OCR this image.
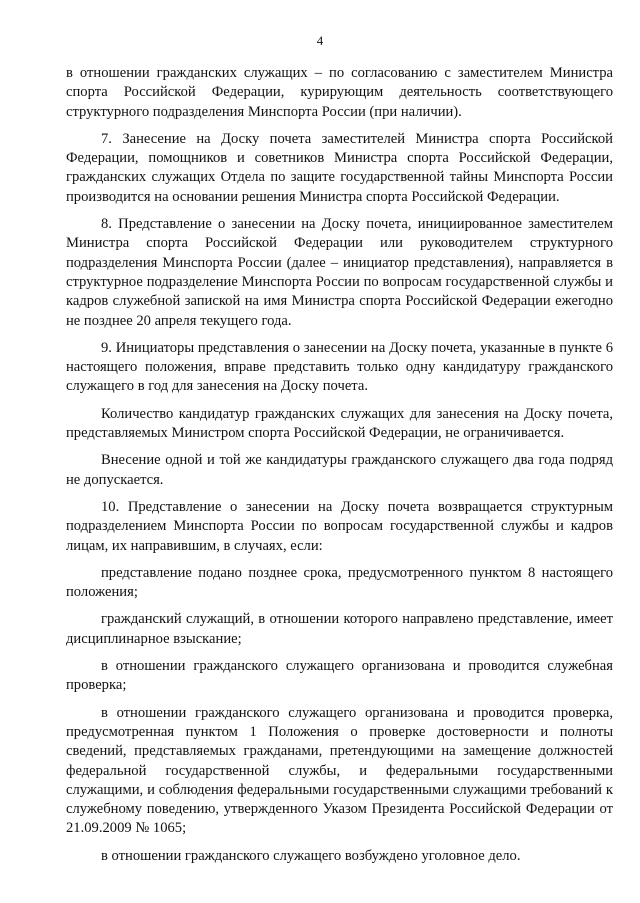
4

в отношении гражданских служащих – по согласованию с заместителем Министра спорта Российской Федерации, курирующим деятельность соответствующего структурного подразделения Минспорта России (при наличии).

7. Занесение на Доску почета заместителей Министра спорта Российской Федерации, помощников и советников Министра спорта Российской Федерации, гражданских служащих Отдела по защите государственной тайны Минспорта России производится на основании решения Министра спорта Российской Федерации.

8. Представление о занесении на Доску почета, инициированное заместителем Министра спорта Российской Федерации или руководителем структурного подразделения Минспорта России (далее – инициатор представления), направляется в структурное подразделение Минспорта России по вопросам государственной службы и кадров служебной запиской на имя Министра спорта Российской Федерации ежегодно не позднее 20 апреля текущего года.

9. Инициаторы представления о занесении на Доску почета, указанные в пункте 6 настоящего положения, вправе представить только одну кандидатуру гражданского служащего в год для занесения на Доску почета.

Количество кандидатур гражданских служащих для занесения на Доску почета, представляемых Министром спорта Российской Федерации, не ограничивается.

Внесение одной и той же кандидатуры гражданского служащего два года подряд не допускается.

10. Представление о занесении на Доску почета возвращается структурным подразделением Минспорта России по вопросам государственной службы и кадров лицам, их направившим, в случаях, если:

представление подано позднее срока, предусмотренного пунктом 8 настоящего положения;

гражданский служащий, в отношении которого направлено представление, имеет дисциплинарное взыскание;

в отношении гражданского служащего организована и проводится служебная проверка;

в отношении гражданского служащего организована и проводится проверка, предусмотренная пунктом 1 Положения о проверке достоверности и полноты сведений, представляемых гражданами, претендующими на замещение должностей федеральной государственной службы, и федеральными государственными служащими, и соблюдения федеральными государственными служащими требований к служебному поведению, утвержденного Указом Президента Российской Федерации от 21.09.2009 № 1065;

в отношении гражданского служащего возбуждено уголовное дело.
